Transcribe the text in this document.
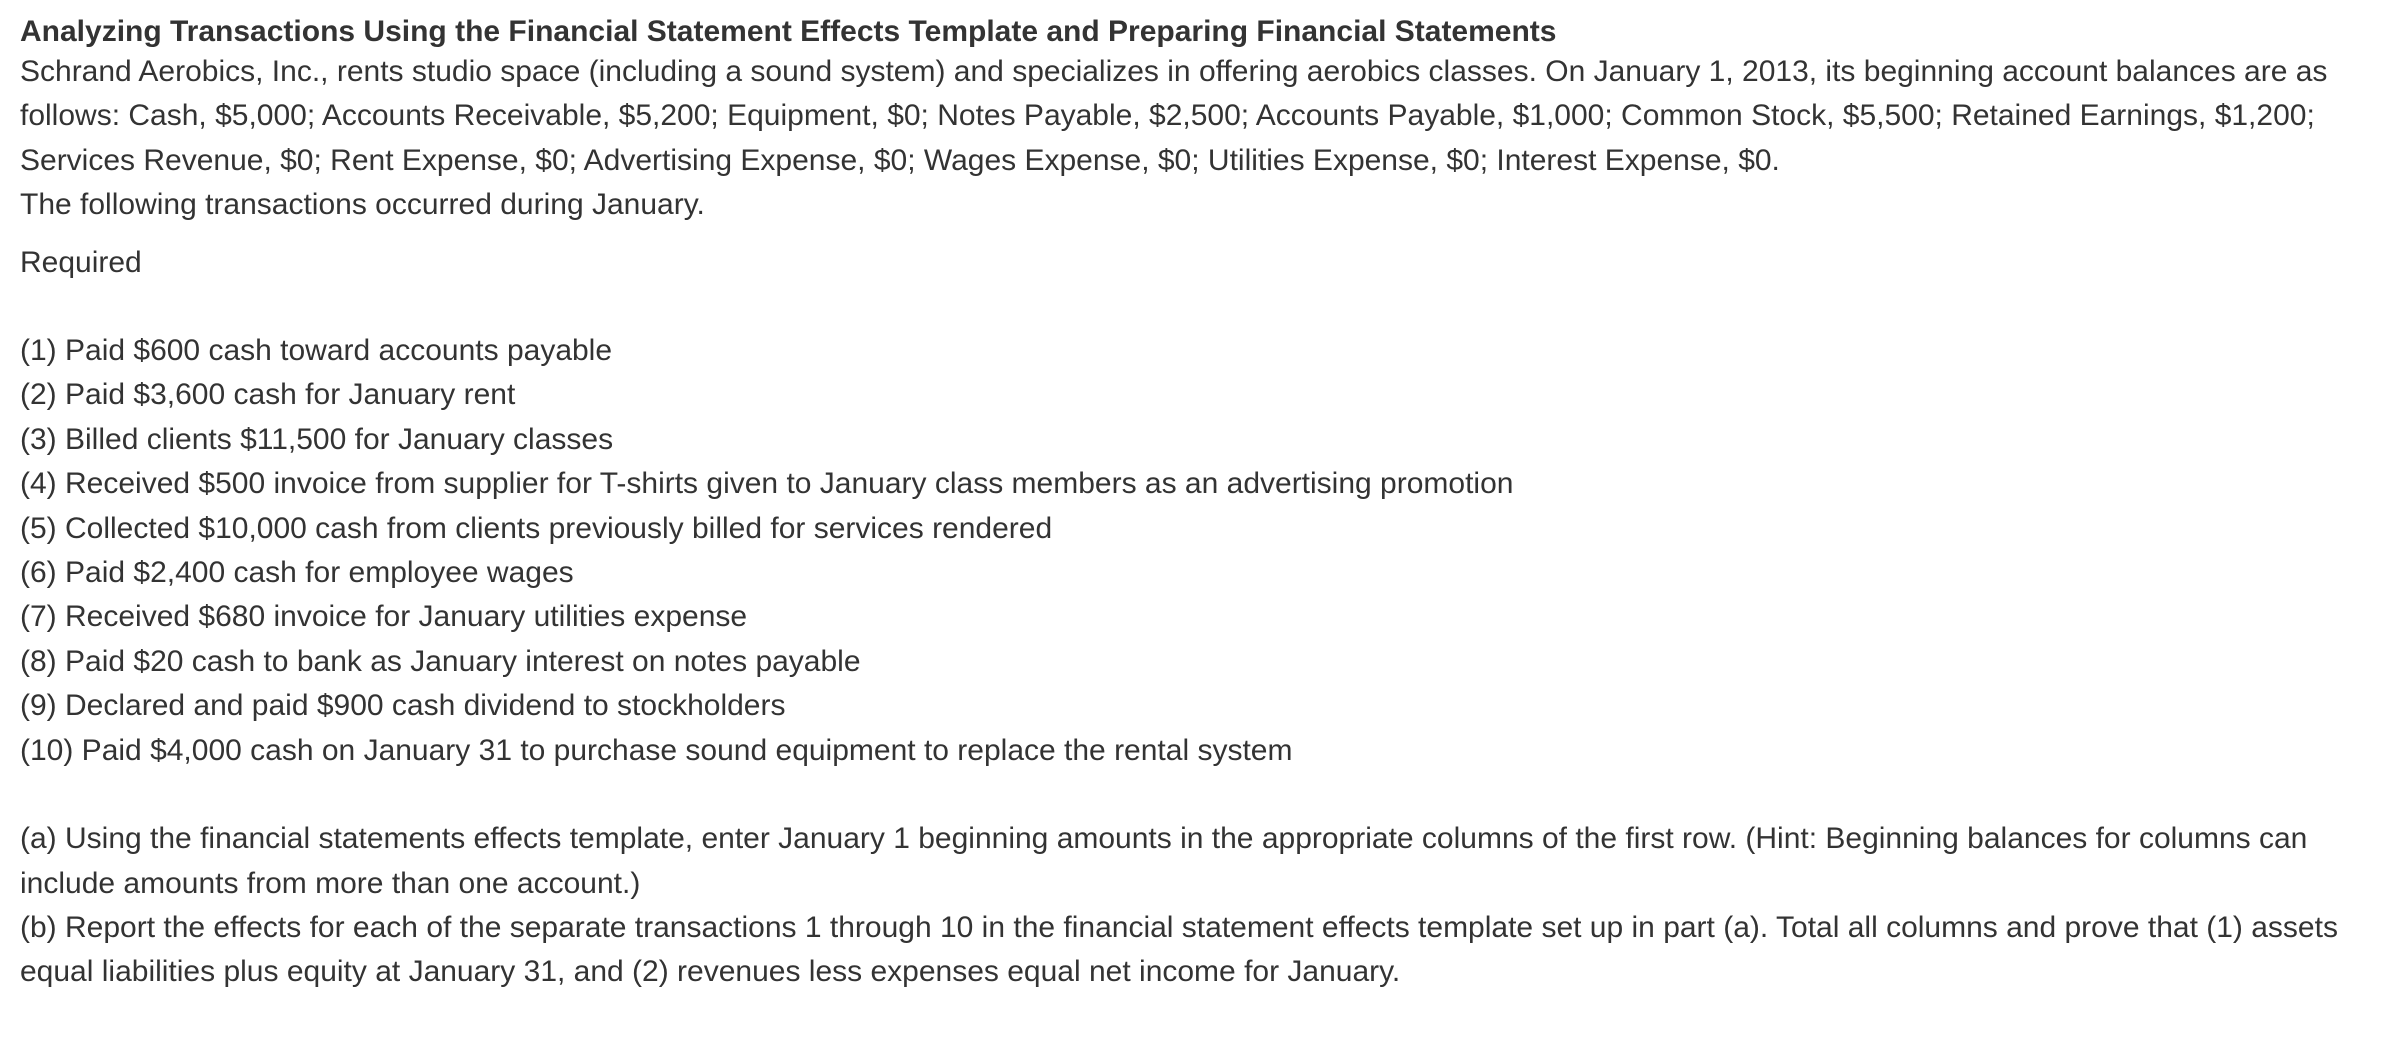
Analyzing Transactions Using the Financial Statement Effects Template and Preparing Financial Statements

Schrand Aerobics, Inc., rents studio space (including a sound system) and specializes in offering aerobics classes. On January 1, 2013, its beginning account balances are as follows: Cash, $5,000; Accounts Receivable, $5,200; Equipment, $0; Notes Payable, $2,500; Accounts Payable, $1,000; Common Stock, $5,500; Retained Earnings, $1,200; Services Revenue, $0; Rent Expense, $0; Advertising Expense, $0; Wages Expense, $0; Utilities Expense, $0; Interest Expense, $0.

The following transactions occurred during January.

Required

(1) Paid $600 cash toward accounts payable
(2) Paid $3,600 cash for January rent
(3) Billed clients $11,500 for January classes
(4) Received $500 invoice from supplier for T-shirts given to January class members as an advertising promotion
(5) Collected $10,000 cash from clients previously billed for services rendered
(6) Paid $2,400 cash for employee wages
(7) Received $680 invoice for January utilities expense
(8) Paid $20 cash to bank as January interest on notes payable
(9) Declared and paid $900 cash dividend to stockholders
(10) Paid $4,000 cash on January 31 to purchase sound equipment to replace the rental system

(a) Using the financial statements effects template, enter January 1 beginning amounts in the appropriate columns of the first row. (Hint: Beginning balances for columns can include amounts from more than one account.)

(b) Report the effects for each of the separate transactions 1 through 10 in the financial statement effects template set up in part (a). Total all columns and prove that (1) assets equal liabilities plus equity at January 31, and (2) revenues less expenses equal net income for January.
